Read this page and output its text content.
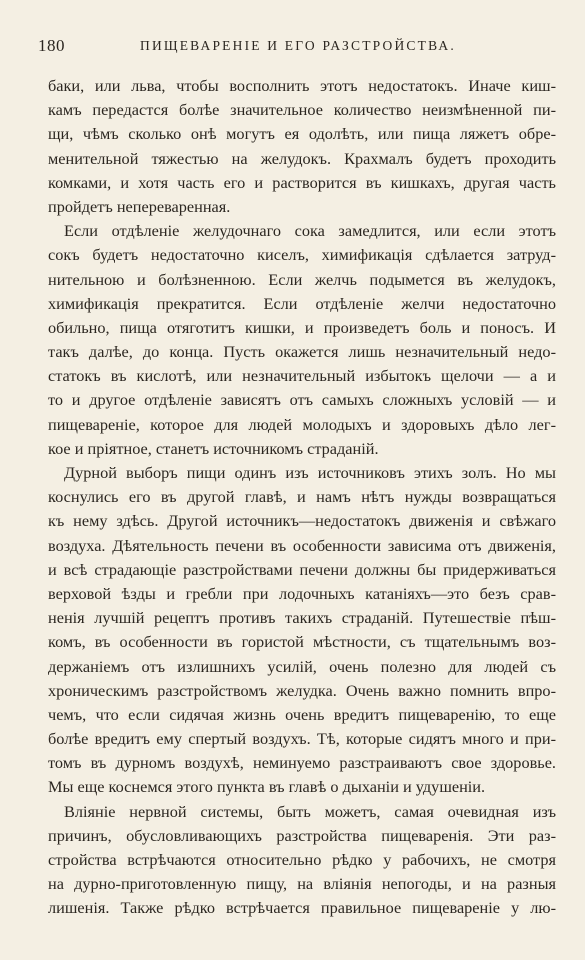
180	ПИЩЕВАРЕНІЕ И ЕГО РАЗСТРОЙСТВА.
баки, или льва, чтобы восполнить этотъ недостатокъ. Иначе киш-
камъ передастся болѣе значительное количество неизмѣненной пи-
щи, чѣмъ сколько онѣ могутъ ея одолѣть, или пища ляжетъ обре-
менительной тяжестью на желудокъ. Крахмалъ будетъ проходить
комками, и хотя часть его и растворится въ кишкахъ, другая часть
пройдетъ непереваренная.
Если отдѣленіе желудочнаго сока замедлится, или если этотъ
сокъ будетъ недостаточно киселъ, химификація сдѣлается затруд-
нительною и болѣзненною. Если желчь подымется въ желудокъ,
химификація прекратится. Если отдѣленіе желчи недостаточно
обильно, пища отяготитъ кишки, и произведетъ боль и поносъ. И
такъ далѣе, до конца. Пусть окажется лишь незначительный недо-
статокъ въ кислотѣ, или незначительный избытокъ щелочи — а и
то и другое отдѣленіе зависятъ отъ самыхъ сложныхъ условій — и
пищевареніе, которое для людей молодыхъ и здоровыхъ дѣло лег-
кое и пріятное, станетъ источникомъ страданій.
Дурной выборъ пищи одинъ изъ источниковъ этихъ золъ. Но мы
коснулись его въ другой главѣ, и намъ нѣтъ нужды возвращаться
къ нему здѣсь. Другой источникъ—недостатокъ движенія и свѣжаго
воздуха. Дѣятельность печени въ особенности зависима отъ движенія,
и всѣ страдающіе разстройствами печени должны бы придерживаться
верховой ѣзды и гребли при лодочныхъ катаніяхъ—это безъ срав-
ненія лучшій рецептъ противъ такихъ страданій. Путешествіе пѣш-
комъ, въ особенности въ гористой мѣстности, съ тщательнымъ воз-
держаніемъ отъ излишнихъ усилій, очень полезно для людей съ
хроническимъ разстройствомъ желудка. Очень важно помнить впро-
чемъ, что если сидячая жизнь очень вредитъ пищеваренію, то еще
болѣе вредитъ ему спертый воздухъ. Тѣ, которые сидятъ много и при-
томъ въ дурномъ воздухѣ, неминуемо разстраиваютъ свое здоровье.
Мы еще коснемся этого пункта въ главѣ о дыханіи и удушеніи.
Вліяніе нервной системы, быть можетъ, самая очевидная изъ
причинъ, обусловливающихъ разстройства пищеваренія. Эти раз-
стройства встрѣчаются относительно рѣдко у рабочихъ, не смотря
на дурно-приготовленную пищу, на вліянія непогоды, и на разныя
лишенія. Также рѣдко встрѣчается правильное пищевареніе у лю-
